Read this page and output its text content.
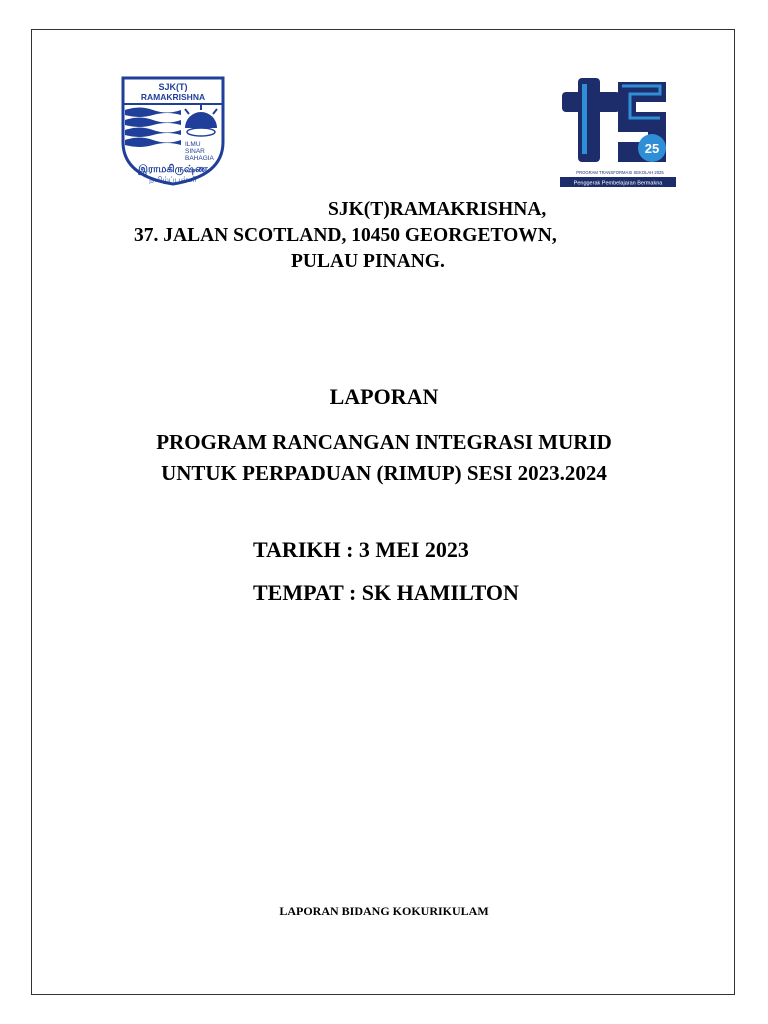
SJK(T)
RAMAKRISHNA
ILMU
SINAR
BAHAGIA
இராமகிருஷ்ண
தமிழ்ப்பள்ளி
25
PROGRAM TRANSFORMASI SEKOLAH 2025
Penggerak Pembelajaran Bermakna
SJK(T)RAMAKRISHNA,
37. JALAN SCOTLAND, 10450 GEORGETOWN,
PULAU PINANG.
LAPORAN
PROGRAM RANCANGAN INTEGRASI MURID
UNTUK PERPADUAN (RIMUP) SESI 2023.2024
TARIKH : 3 MEI 2023
TEMPAT : SK HAMILTON
LAPORAN BIDANG KOKURIKULAM
